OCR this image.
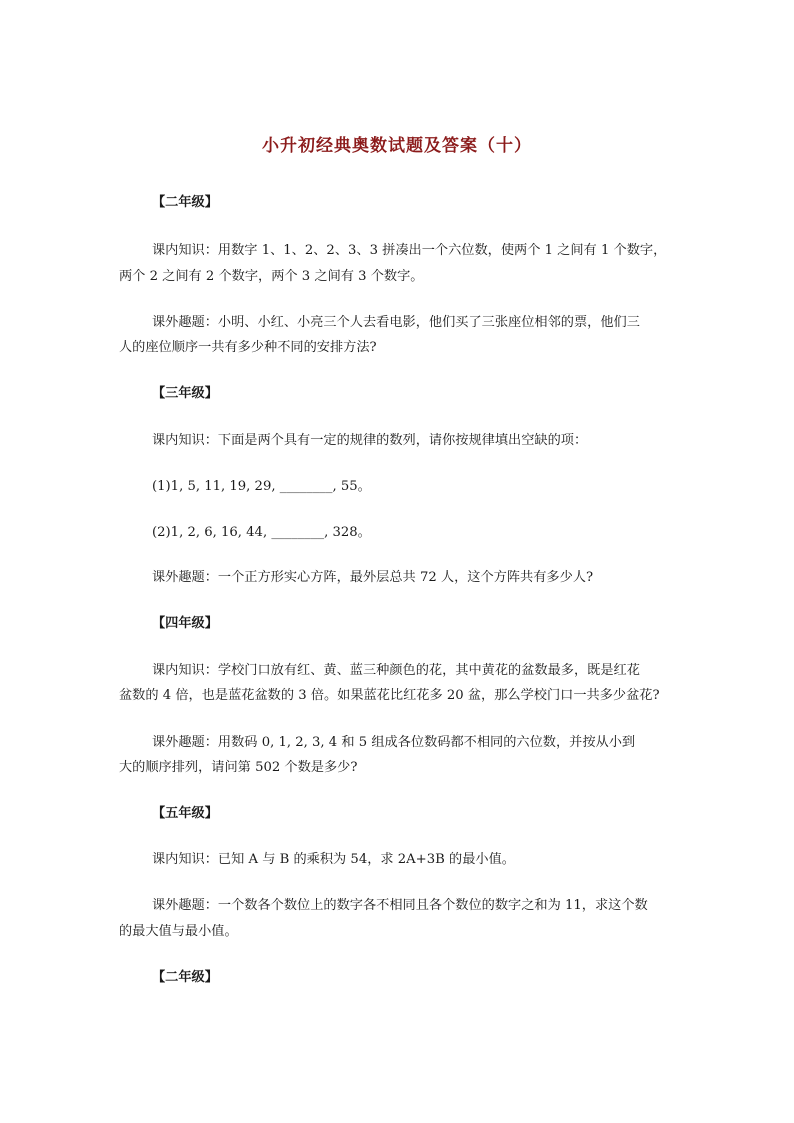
小升初经典奥数试题及答案（十）
【二年级】
课内知识：用数字 1、1、2、2、3、3 拼凑出一个六位数，使两个 1 之间有 1 个数字，
两个 2 之间有 2 个数字，两个 3 之间有 3 个数字。
课外趣题：小明、小红、小亮三个人去看电影，他们买了三张座位相邻的票，他们三
人的座位顺序一共有多少种不同的安排方法?
【三年级】
课内知识：下面是两个具有一定的规律的数列，请你按规律填出空缺的项：
(1)1, 5, 11, 19, 29, ________, 55。
(2)1, 2, 6, 16, 44, ________, 328。
课外趣题：一个正方形实心方阵，最外层总共 72 人，这个方阵共有多少人?
【四年级】
课内知识：学校门口放有红、黄、蓝三种颜色的花，其中黄花的盆数最多，既是红花
盆数的 4 倍，也是蓝花盆数的 3 倍。如果蓝花比红花多 20 盆，那么学校门口一共多少盆花?
课外趣题：用数码 0, 1, 2, 3, 4 和 5 组成各位数码都不相同的六位数，并按从小到
大的顺序排列，请问第 502 个数是多少?
【五年级】
课内知识：已知 A 与 B 的乘积为 54，求 2A+3B 的最小值。
课外趣题：一个数各个数位上的数字各不相同且各个数位的数字之和为 11，求这个数
的最大值与最小值。
【二年级】
